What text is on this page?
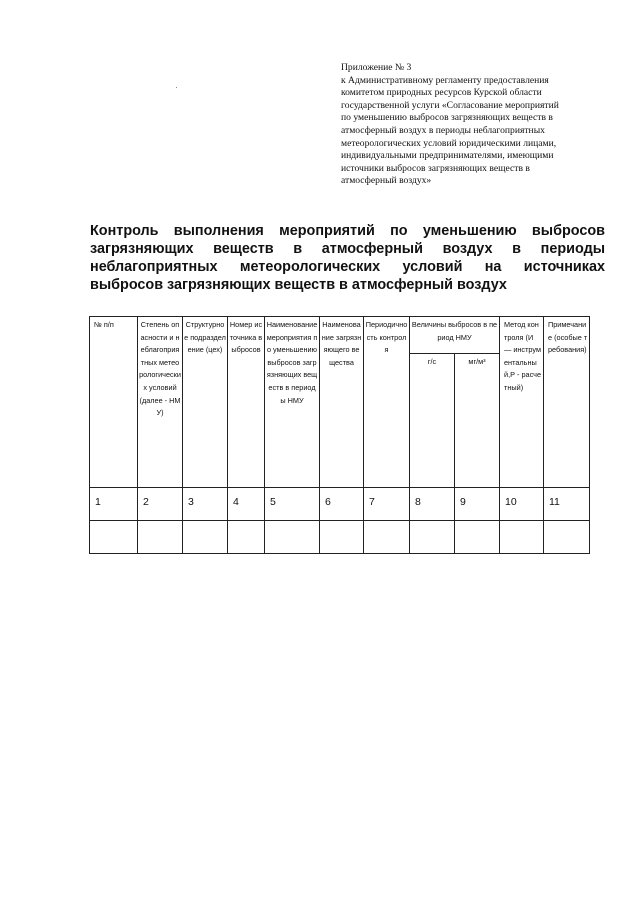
Приложение № 3
к Административному регламенту предоставления
комитетом природных ресурсов Курской области
государственной услуги «Согласование мероприятий
по уменьшению выбросов загрязняющих веществ в
атмосферный воздух в периоды неблагоприятных
метеорологических условий юридическими лицами,
индивидуальными предпринимателями, имеющими
источники выбросов загрязняющих веществ в
атмосферный воздух»
Контроль выполнения мероприятий по уменьшению выбросов
загрязняющих веществ в атмосферный воздух в периоды
неблагоприятных метеорологических условий на источниках
выбросов загрязняющих веществ в атмосферный воздух
№ п/п	Степень опасности и неблагоприятных метеорологических условий (далее - НМУ)	Структурное подразделение (цех)	Номер источника выбросов	Наименование мероприятия по уменьшению выбросов загрязняющих веществ в периоды НМУ	Наименование загрязняющего вещества	Периодичность контроля	Величины выбросов в период НМУ		Метод контроля (И — инструментальный,Р - расчетный)	Примечание (особые требования)
							г/с	мг/м³		
1	2	3	4	5	6	7	8	9	10	11
